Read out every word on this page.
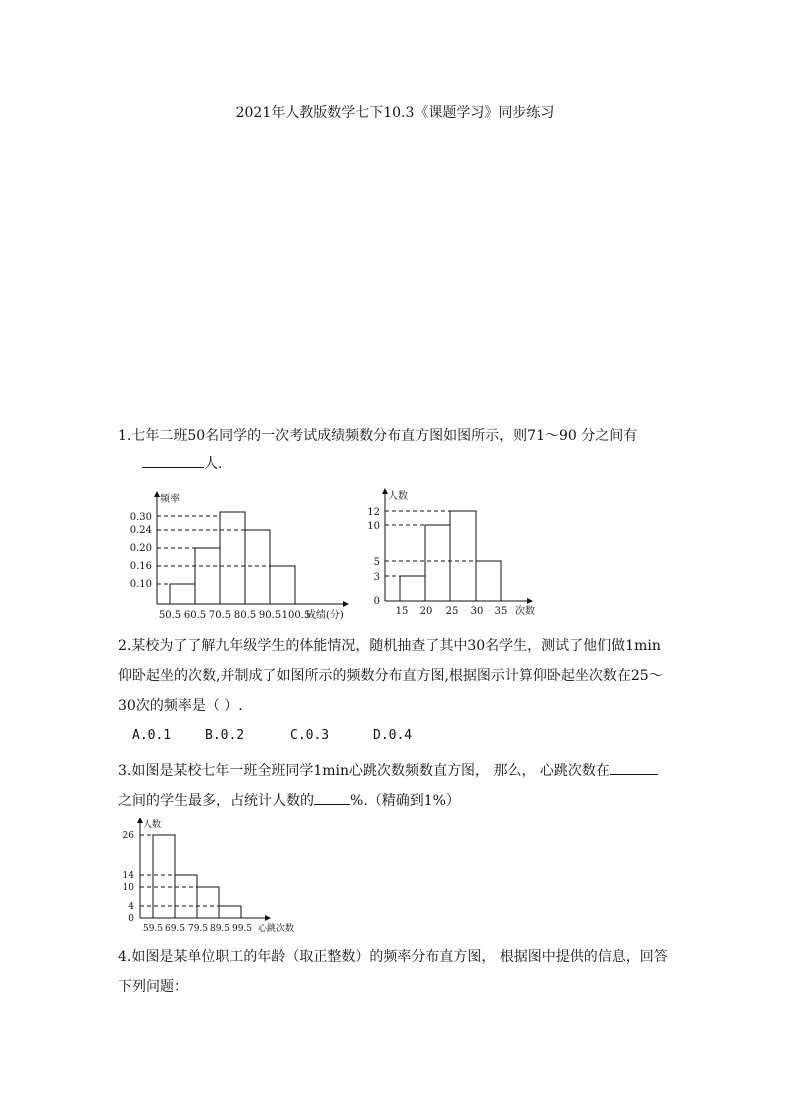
2021年人教版数学七下10.3《课题学习》同步练习
1.七年二班50名同学的一次考试成绩频数分布直方图如图所示，则71～90 分之间有
人.
频率
成绩(分)
0.30
0.24
0.20
0.16
0.10
50.5 60.5 70.5 80.5 90.5 100.5
人数
次数
12
10
5
3
0
15 20 25 30 35
2.某校为了了解九年级学生的体能情况，随机抽查了其中30名学生，测试了他们做1min
仰卧起坐的次数,并制成了如图所示的频数分布直方图,根据图示计算仰卧起坐次数在25～
30次的频率是（ ）.
A.0.1	B.0.2	C.0.3	D.0.4
3.如图是某校七年一班全班同学1min心跳次数频数直方图， 那么， 心跳次数在
之间的学生最多，占统计人数的	%.（精确到1%）
人数
心跳次数
26
14
10
4
0
59.5 69.5 79.5 89.5 99.5
4.如图是某单位职工的年龄（取正整数）的频率分布直方图， 根据图中提供的信息，回答
下列问题：
